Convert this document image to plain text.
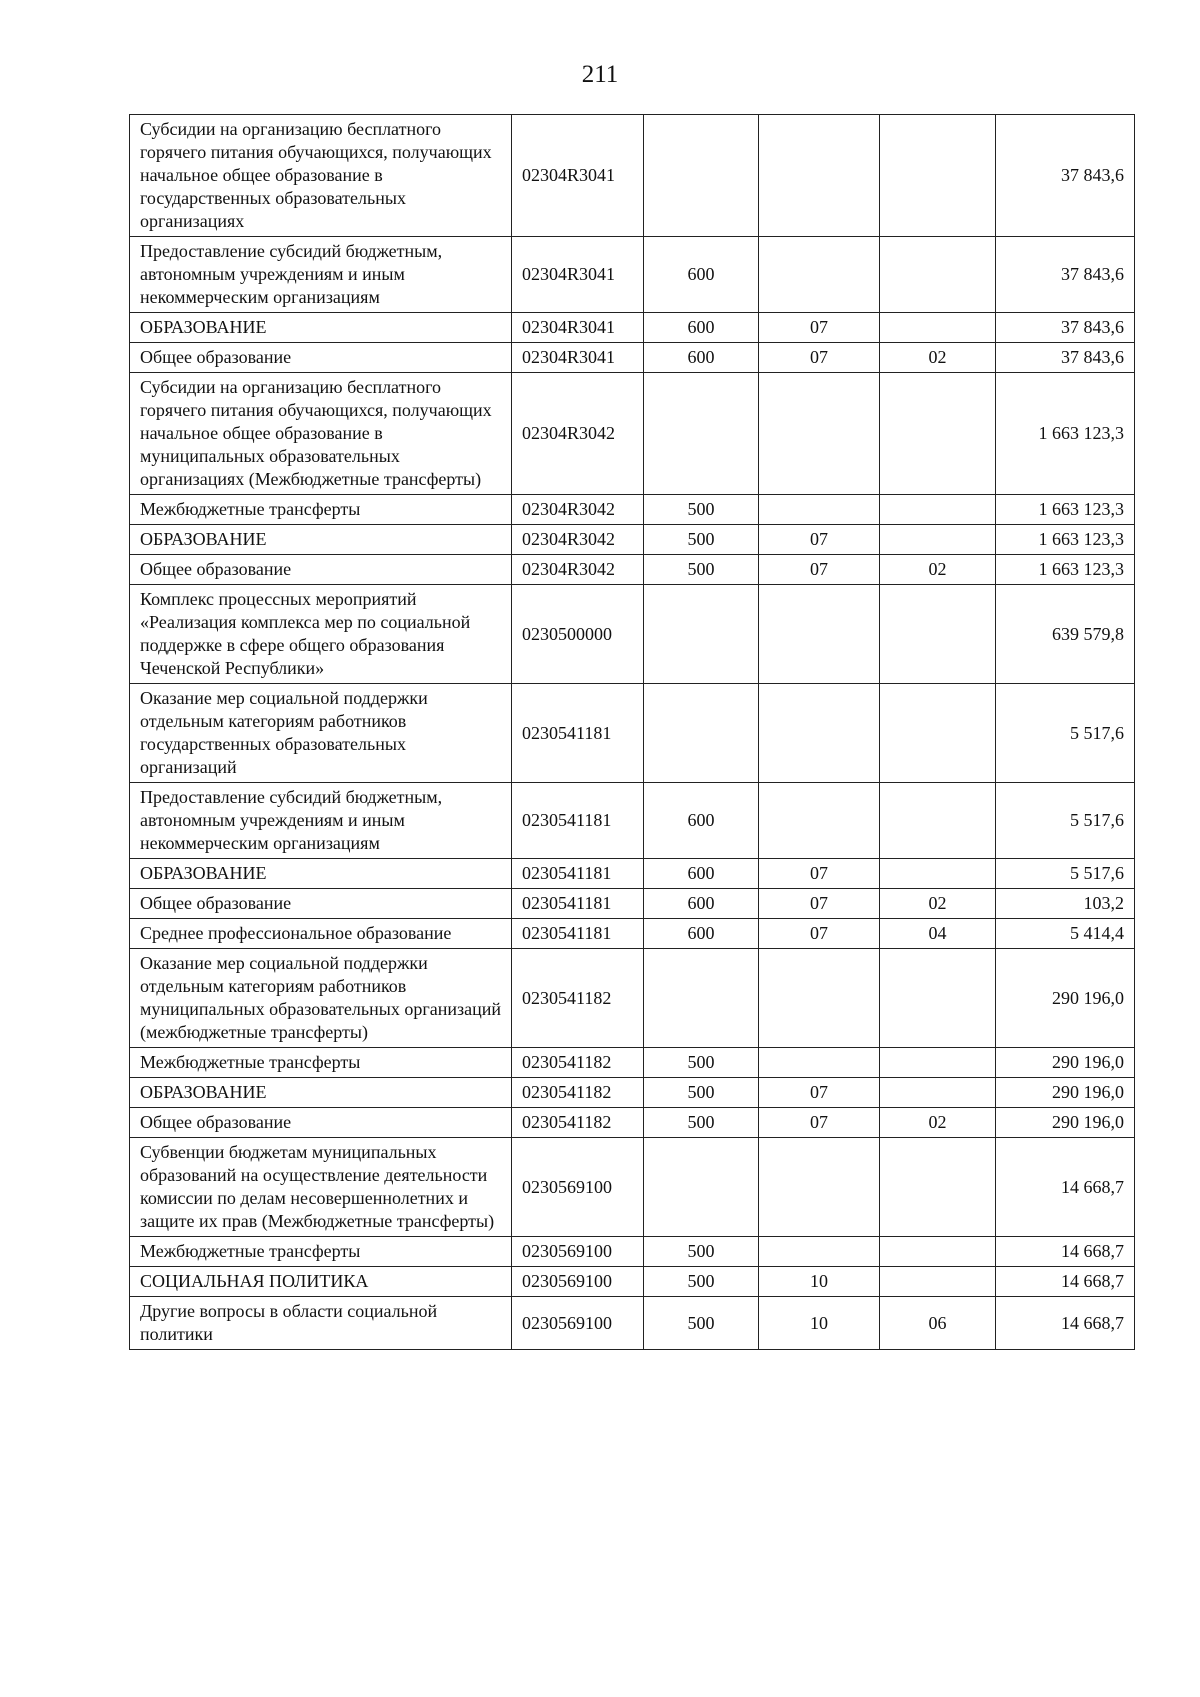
211
Субсидии на организацию бесплатного горячего питания обучающихся, получающих начальное общее образование в государственных образовательных организациях	02304R3041				37 843,6
Предоставление субсидий бюджетным, автономным учреждениям и иным некоммерческим организациям	02304R3041	600			37 843,6
ОБРАЗОВАНИЕ	02304R3041	600	07		37 843,6
Общее образование	02304R3041	600	07	02	37 843,6
Субсидии на организацию бесплатного горячего питания обучающихся, получающих начальное общее образование в муниципальных образовательных организациях (Межбюджетные трансферты)	02304R3042				1 663 123,3
Межбюджетные трансферты	02304R3042	500			1 663 123,3
ОБРАЗОВАНИЕ	02304R3042	500	07		1 663 123,3
Общее образование	02304R3042	500	07	02	1 663 123,3
Комплекс процессных мероприятий «Реализация комплекса мер по социальной поддержке в сфере общего образования Чеченской Республики»	0230500000				639 579,8
Оказание мер социальной поддержки отдельным категориям работников государственных образовательных организаций	0230541181				5 517,6
Предоставление субсидий бюджетным, автономным учреждениям и иным некоммерческим организациям	0230541181	600			5 517,6
ОБРАЗОВАНИЕ	0230541181	600	07		5 517,6
Общее образование	0230541181	600	07	02	103,2
Среднее профессиональное образование	0230541181	600	07	04	5 414,4
Оказание мер социальной поддержки отдельным категориям работников муниципальных образовательных организаций (межбюджетные трансферты)	0230541182				290 196,0
Межбюджетные трансферты	0230541182	500			290 196,0
ОБРАЗОВАНИЕ	0230541182	500	07		290 196,0
Общее образование	0230541182	500	07	02	290 196,0
Субвенции бюджетам муниципальных образований на осуществление деятельности комиссии по делам несовершеннолетних и защите их прав (Межбюджетные трансферты)	0230569100				14 668,7
Межбюджетные трансферты	0230569100	500			14 668,7
СОЦИАЛЬНАЯ ПОЛИТИКА	0230569100	500	10		14 668,7
Другие вопросы в области социальной политики	0230569100	500	10	06	14 668,7
